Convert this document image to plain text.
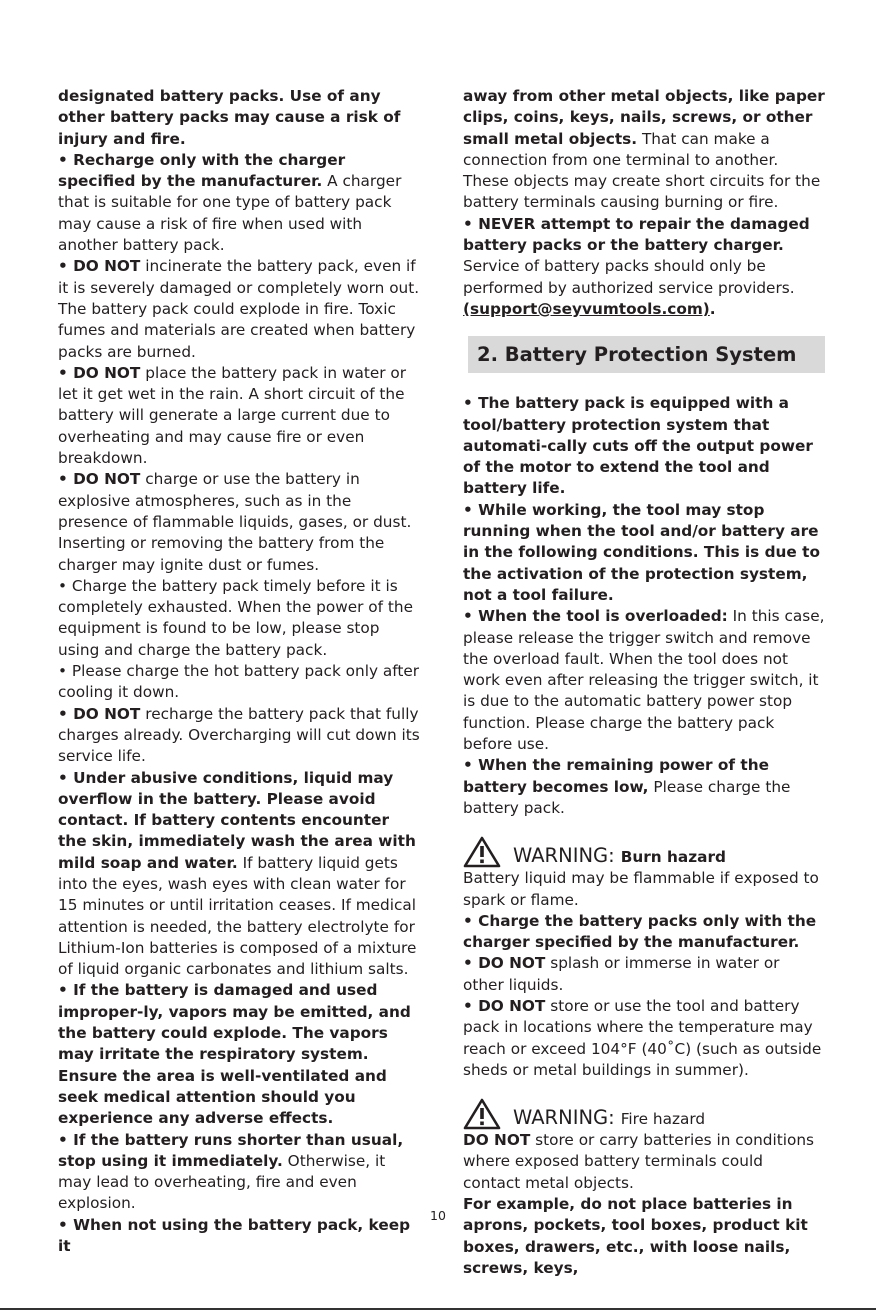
designated battery packs. Use of any other battery packs may cause a risk of injury and fire.

• Recharge only with the charger specified by the manufacturer. A charger that is suitable for one type of battery pack may cause a risk of fire when used with another battery pack.

• DO NOT incinerate the battery pack, even if it is severely damaged or completely worn out. The battery pack could explode in fire. Toxic fumes and materials are created when battery packs are burned.

• DO NOT place the battery pack in water or let it get wet in the rain. A short circuit of the battery will generate a large current due to overheating and may cause fire or even breakdown.

• DO NOT charge or use the battery in explosive atmospheres, such as in the presence of flammable liquids, gases, or dust. Inserting or removing the battery from the charger may ignite dust or fumes.

• Charge the battery pack timely before it is completely exhausted. When the power of the equipment is found to be low, please stop using and charge the battery pack.

• Please charge the hot battery pack only after cooling it down.

• DO NOT recharge the battery pack that fully charges already. Overcharging will cut down its service life.

• Under abusive conditions, liquid may overflow in the battery. Please avoid contact. If battery contents encounter the skin, immediately wash the area with mild soap and water. If battery liquid gets into the eyes, wash eyes with clean water for 15 minutes or until irritation ceases. If medical attention is needed, the battery electrolyte for Lithium-Ion batteries is composed of a mixture of liquid organic carbonates and lithium salts.

• If the battery is damaged and used improper-ly, vapors may be emitted, and the battery could explode. The vapors may irritate the respiratory system. Ensure the area is well-ventilated and seek medical attention should you experience any adverse effects.

• If the battery runs shorter than usual, stop using it immediately. Otherwise, it may lead to overheating, fire and even explosion.

• When not using the battery pack, keep it

away from other metal objects, like paper clips, coins, keys, nails, screws, or other small metal objects. That can make a connection from one terminal to another. These objects may create short circuits for the battery terminals causing burning or fire.

• NEVER attempt to repair the damaged battery packs or the battery charger. Service of battery packs should only be performed by authorized service providers.

(support@seyvumtools.com).

2. Battery Protection System

• The battery pack is equipped with a tool/battery protection system that automati-cally cuts off the output power of the motor to extend the tool and battery life.

• While working, the tool may stop running when the tool and/or battery are in the following conditions. This is due to the activation of the protection system, not a tool failure.

• When the tool is overloaded: In this case, please release the trigger switch and remove the overload fault. When the tool does not work even after releasing the trigger switch, it is due to the automatic battery power stop function. Please charge the battery pack before use.

• When the remaining power of the battery becomes low, Please charge the battery pack.

WARNING: Burn hazard

Battery liquid may be flammable if exposed to spark or flame.

• Charge the battery packs only with the charger specified by the manufacturer.

• DO NOT splash or immerse in water or other liquids.

• DO NOT store or use the tool and battery pack in locations where the temperature may reach or exceed 104°F (40˚C) (such as outside sheds or metal buildings in summer).

WARNING: Fire hazard

DO NOT store or carry batteries in conditions where exposed battery terminals could contact metal objects.

For example, do not place batteries in aprons, pockets, tool boxes, product kit boxes, drawers, etc., with loose nails, screws, keys,

10
